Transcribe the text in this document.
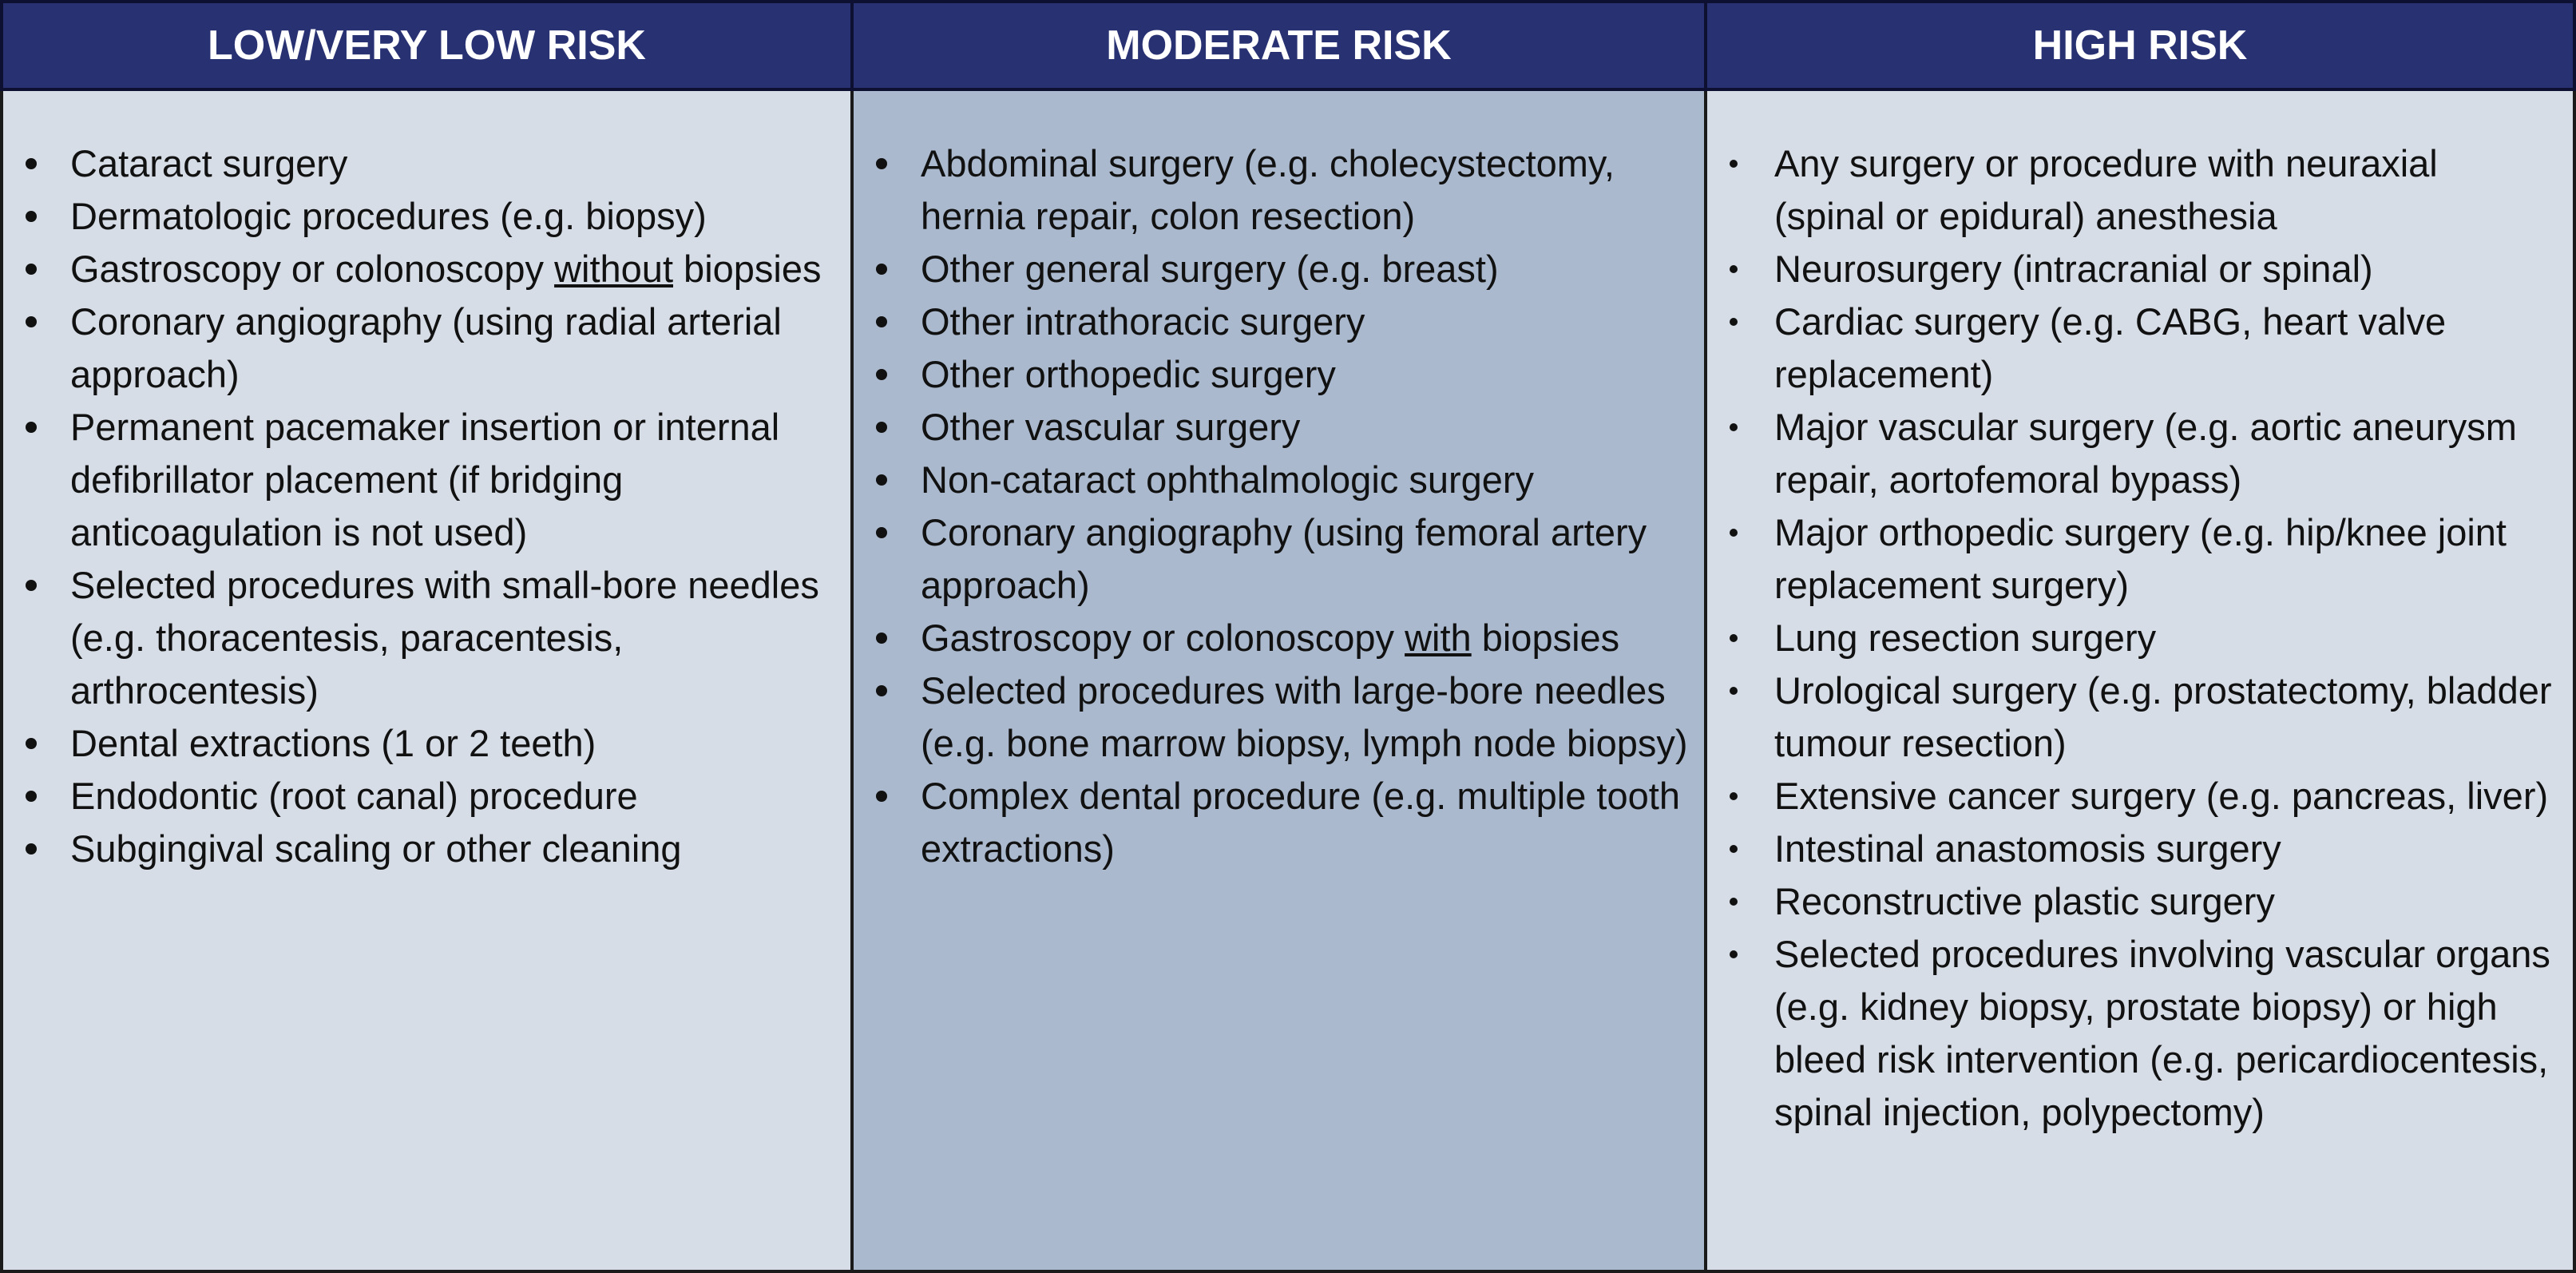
LOW/VERY LOW RISK	MODERATE RISK	HIGH RISK
Cataract surgery
Dermatologic procedures (e.g. biopsy)
Gastroscopy or colonoscopy without biopsies
Coronary angiography (using radial arterial approach)
Permanent pacemaker insertion or internal defibrillator placement (if bridging anticoagulation is not used)
Selected procedures with small-bore needles (e.g. thoracentesis, paracentesis, arthrocentesis)
Dental extractions (1 or 2 teeth)
Endodontic (root canal) procedure
Subgingival scaling or other cleaning
Abdominal surgery (e.g. cholecystectomy, hernia repair, colon resection)
Other general surgery (e.g. breast)
Other intrathoracic surgery
Other orthopedic surgery
Other vascular surgery
Non-cataract ophthalmologic surgery
Coronary angiography (using femoral artery approach)
Gastroscopy or colonoscopy with biopsies
Selected procedures with large-bore needles (e.g. bone marrow biopsy, lymph node biopsy)
Complex dental procedure (e.g. multiple tooth extractions)
Any surgery or procedure with neuraxial (spinal or epidural) anesthesia
Neurosurgery (intracranial or spinal)
Cardiac surgery (e.g. CABG, heart valve replacement)
Major vascular surgery (e.g. aortic aneurysm repair, aortofemoral bypass)
Major orthopedic surgery (e.g. hip/knee joint replacement surgery)
Lung resection surgery
Urological surgery (e.g. prostatectomy, bladder tumour resection)
Extensive cancer surgery (e.g. pancreas, liver)
Intestinal anastomosis surgery
Reconstructive plastic surgery
Selected procedures involving vascular organs (e.g. kidney biopsy, prostate biopsy) or high bleed risk intervention (e.g. pericardiocentesis, spinal injection, polypectomy)
